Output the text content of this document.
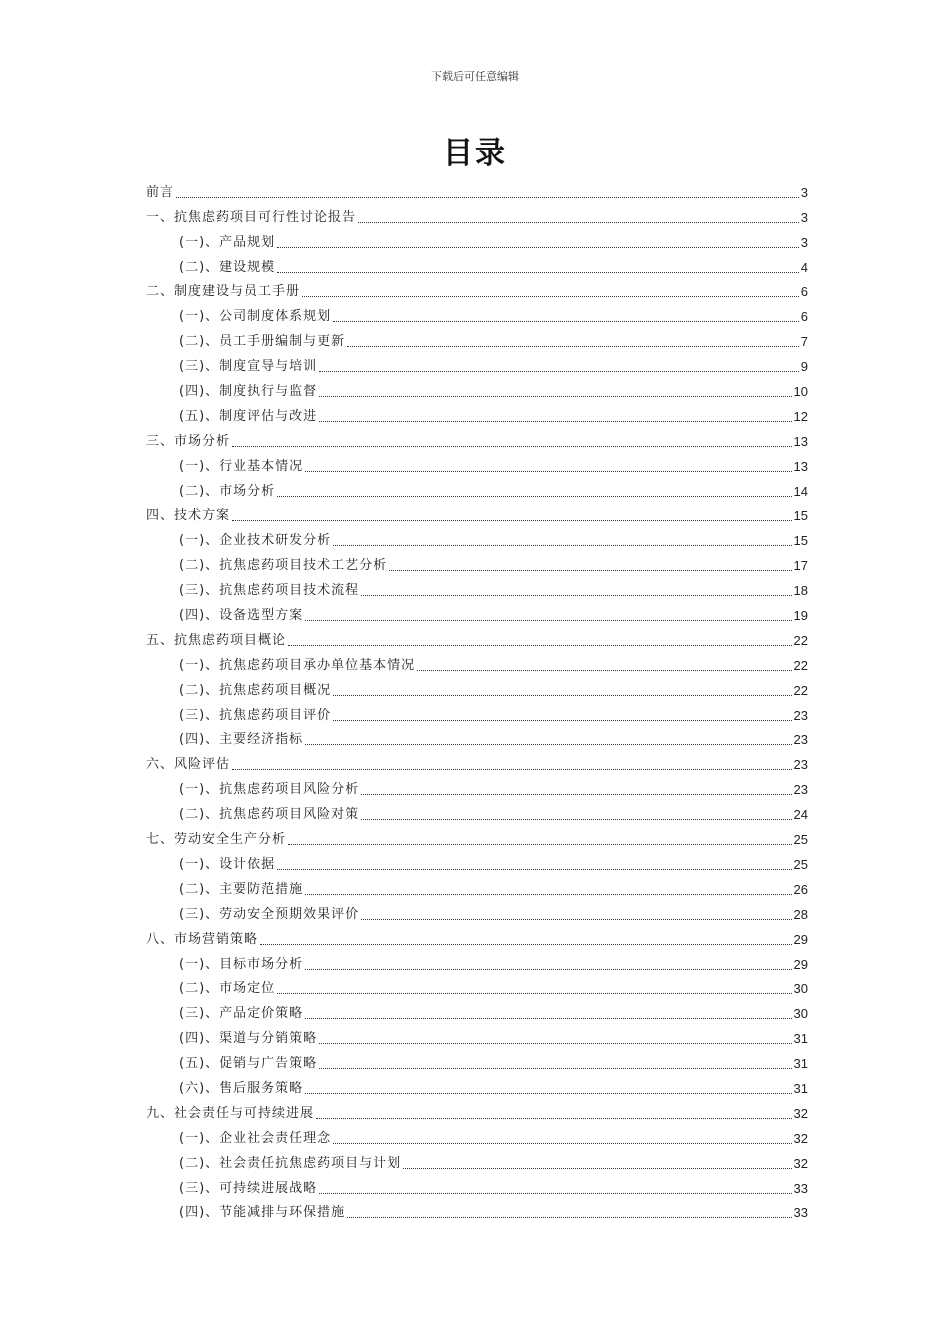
下载后可任意编辑
目录
前言	3
一、抗焦虑药项目可行性讨论报告	3
(一)、产品规划	3
(二)、建设规模	4
二、制度建设与员工手册	6
(一)、公司制度体系规划	6
(二)、员工手册编制与更新	7
(三)、制度宣导与培训	9
(四)、制度执行与监督	10
(五)、制度评估与改进	12
三、市场分析	13
(一)、行业基本情况	13
(二)、市场分析	14
四、技术方案	15
(一)、企业技术研发分析	15
(二)、抗焦虑药项目技术工艺分析	17
(三)、抗焦虑药项目技术流程	18
(四)、设备选型方案	19
五、抗焦虑药项目概论	22
(一)、抗焦虑药项目承办单位基本情况	22
(二)、抗焦虑药项目概况	22
(三)、抗焦虑药项目评价	23
(四)、主要经济指标	23
六、风险评估	23
(一)、抗焦虑药项目风险分析	23
(二)、抗焦虑药项目风险对策	24
七、劳动安全生产分析	25
(一)、设计依据	25
(二)、主要防范措施	26
(三)、劳动安全预期效果评价	28
八、市场营销策略	29
(一)、目标市场分析	29
(二)、市场定位	30
(三)、产品定价策略	30
(四)、渠道与分销策略	31
(五)、促销与广告策略	31
(六)、售后服务策略	31
九、社会责任与可持续进展	32
(一)、企业社会责任理念	32
(二)、社会责任抗焦虑药项目与计划	32
(三)、可持续进展战略	33
(四)、节能减排与环保措施	33
